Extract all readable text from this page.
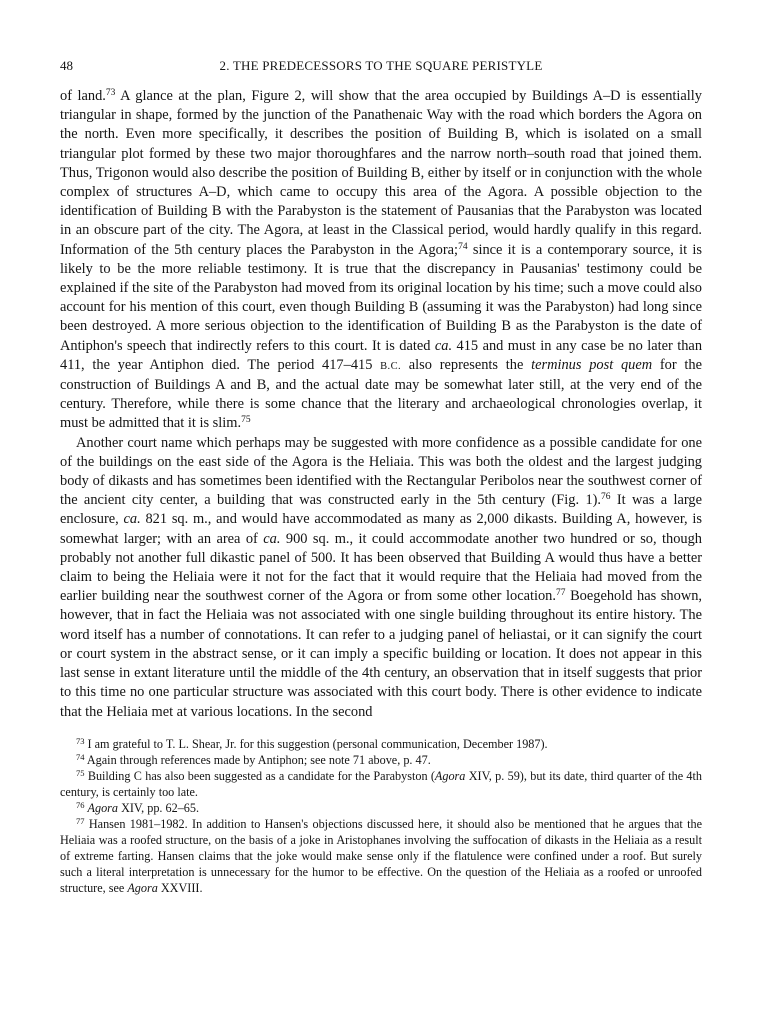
48	2. THE PREDECESSORS TO THE SQUARE PERISTYLE

of land.$^{73}$ A glance at the plan, Figure 2, will show that the area occupied by Buildings A–D is essentially triangular in shape, formed by the junction of the Panathenaic Way with the road which borders the Agora on the north. Even more specifically, it describes the position of Building B, which is isolated on a small triangular plot formed by these two major thoroughfares and the narrow north–south road that joined them. Thus, Trigonon would also describe the position of Building B, either by itself or in conjunction with the whole complex of structures A–D, which came to occupy this area of the Agora. A possible objection to the identification of Building B with the Parabyston is the statement of Pausanias that the Parabyston was located in an obscure part of the city. The Agora, at least in the Classical period, would hardly qualify in this regard. Information of the 5th century places the Parabyston in the Agora;$^{74}$ since it is a contemporary source, it is likely to be the more reliable testimony. It is true that the discrepancy in Pausanias' testimony could be explained if the site of the Parabyston had moved from its original location by his time; such a move could also account for his mention of this court, even though Building B (assuming it was the Parabyston) had long since been destroyed. A more serious objection to the identification of Building B as the Parabyston is the date of Antiphon's speech that indirectly refers to this court. It is dated ca. 415 and must in any case be no later than 411, the year Antiphon died. The period 417–415 B.C. also represents the terminus post quem for the construction of Buildings A and B, and the actual date may be somewhat later still, at the very end of the century. Therefore, while there is some chance that the literary and archaeological chronologies overlap, it must be admitted that it is slim.$^{75}$

Another court name which perhaps may be suggested with more confidence as a possible candidate for one of the buildings on the east side of the Agora is the Heliaia. This was both the oldest and the largest judging body of dikasts and has sometimes been identified with the Rectangular Peribolos near the southwest corner of the ancient city center, a building that was constructed early in the 5th century (Fig. 1).$^{76}$ It was a large enclosure, ca. 821 sq. m., and would have accommodated as many as 2,000 dikasts. Building A, however, is somewhat larger; with an area of ca. 900 sq. m., it could accommodate another two hundred or so, though probably not another full dikastic panel of 500. It has been observed that Building A would thus have a better claim to being the Heliaia were it not for the fact that it would require that the Heliaia had moved from the earlier building near the southwest corner of the Agora or from some other location.$^{77}$ Boegehold has shown, however, that in fact the Heliaia was not associated with one single building throughout its entire history. The word itself has a number of connotations. It can refer to a judging panel of heliastai, or it can signify the court or court system in the abstract sense, or it can imply a specific building or location. It does not appear in this last sense in extant literature until the middle of the 4th century, an observation that in itself suggests that prior to this time no one particular structure was associated with this court body. There is other evidence to indicate that the Heliaia met at various locations. In the second

$^{73}$ I am grateful to T. L. Shear, Jr. for this suggestion (personal communication, December 1987).

$^{74}$ Again through references made by Antiphon; see note 71 above, p. 47.

$^{75}$ Building C has also been suggested as a candidate for the Parabyston (Agora XIV, p. 59), but its date, third quarter of the 4th century, is certainly too late.

$^{76}$ Agora XIV, pp. 62–65.

$^{77}$ Hansen 1981–1982. In addition to Hansen's objections discussed here, it should also be mentioned that he argues that the Heliaia was a roofed structure, on the basis of a joke in Aristophanes involving the suffocation of dikasts in the Heliaia as a result of extreme farting. Hansen claims that the joke would make sense only if the flatulence were confined under a roof. But surely such a literal interpretation is unnecessary for the humor to be effective. On the question of the Heliaia as a roofed or unroofed structure, see Agora XXVIII.
